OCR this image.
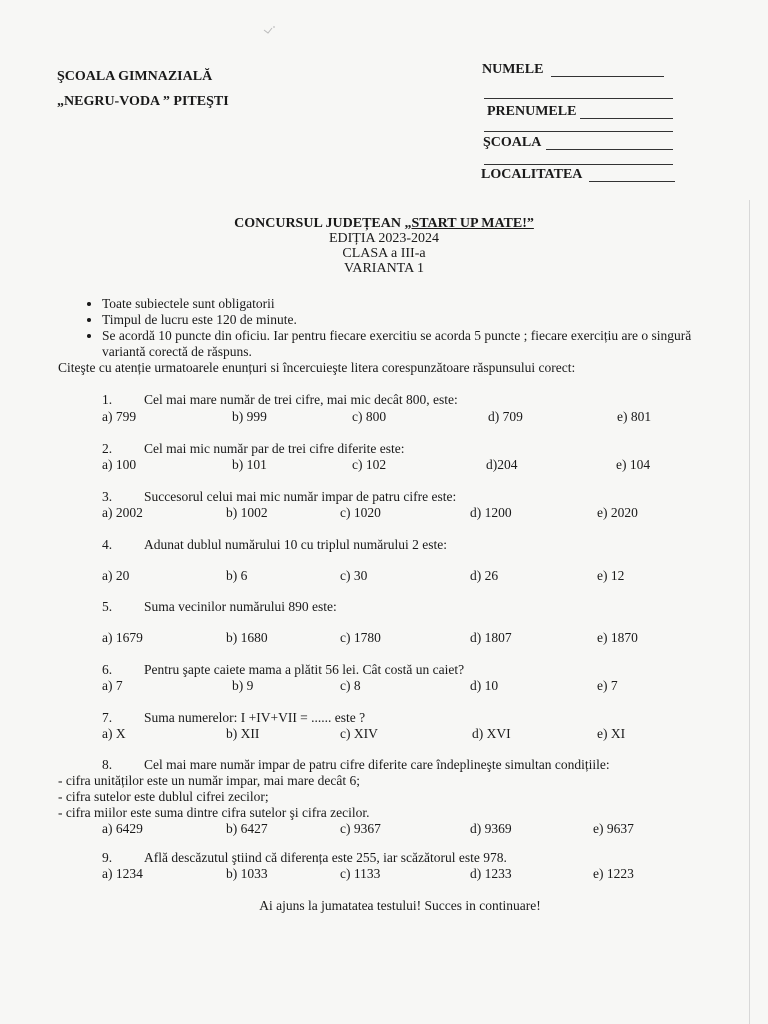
ŞCOALA GIMNAZIALĂ
„NEGRU-VODA ” PITEŞTI
NUMELE
PRENUMELE
ŞCOALA
LOCALITATEA
CONCURSUL JUDEȚEAN „START UP MATE!”
EDIȚIA 2023-2024
CLASA a III-a
VARIANTA 1
• Toate subiectele sunt obligatorii
• Timpul de lucru este 120 de minute.
• Se acordă 10 puncte din oficiu. Iar pentru fiecare exercitiu se acorda 5 puncte ; fiecare exercițiu are o singură variantă corectă de răspuns.
Citeşte cu atenție urmatoarele enunțuri si încercuieşte litera corespunzătoare răspunsului corect:
1. Cel mai mare număr de trei cifre, mai mic decât 800, este:
a) 799	b) 999	c) 800	d) 709	e) 801
2. Cel mai mic număr par de trei cifre diferite este:
a) 100	b) 101	c) 102	d)204	e) 104
3. Succesorul celui mai mic număr impar de patru cifre este:
a) 2002	b) 1002	c) 1020	d) 1200	e) 2020
4. Adunat dublul numărului 10 cu triplul numărului 2 este:
a) 20	b) 6	c) 30	d) 26	e) 12
5. Suma vecinilor numărului 890 este:
a) 1679	b) 1680	c) 1780	d) 1807	e) 1870
6. Pentru şapte caiete mama a plătit 56 lei. Cât costă un caiet?
a) 7	b) 9	c) 8	d) 10	e) 7
7. Suma numerelor: I +IV+VII = ...... este ?
a) X	b) XII	c) XIV	d) XVI	e) XI
8. Cel mai mare număr impar de patru cifre diferite care îndeplineşte simultan condițiile:
- cifra unităților este un număr impar, mai mare decât 6;
- cifra sutelor este dublul cifrei zecilor;
- cifra miilor este suma dintre cifra sutelor şi cifra zecilor.
a) 6429	b) 6427	c) 9367	d) 9369	e) 9637
9. Află descăzutul ştiind că diferența este 255, iar scăzătorul este 978.
a) 1234	b) 1033	c) 1133	d) 1233	e) 1223
Ai ajuns la jumatatea testului! Succes in continuare!
